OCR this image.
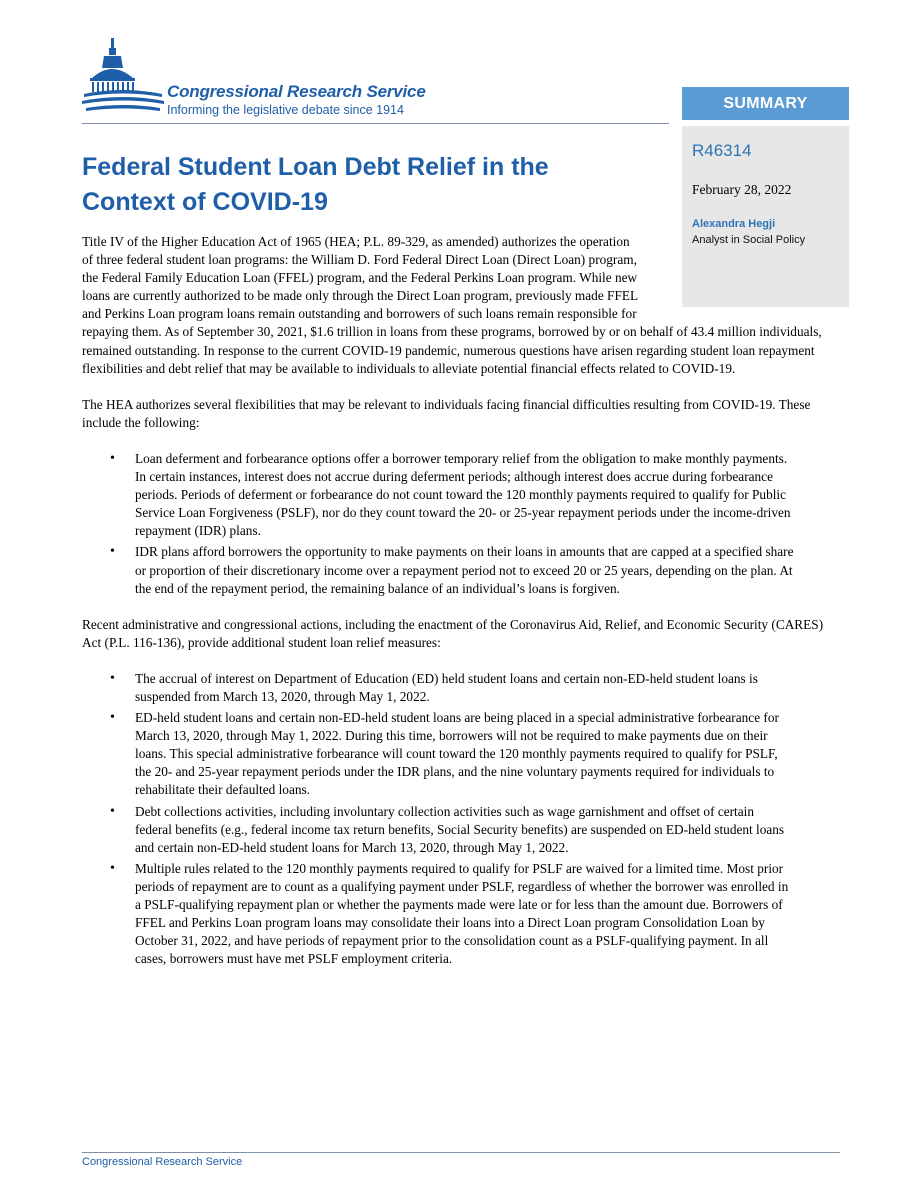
Congressional Research Service
Informing the legislative debate since 1914	SUMMARY
R46314
February 28, 2022
Alexandra Hegji
Analyst in Social Policy
Federal Student Loan Debt Relief in the Context of COVID-19

Title IV of the Higher Education Act of 1965 (HEA; P.L. 89-329, as amended) authorizes the operation of three federal student loan programs: the William D. Ford Federal Direct Loan (Direct Loan) program, the Federal Family Education Loan (FFEL) program, and the Federal Perkins Loan program. While new loans are currently authorized to be made only through the Direct Loan program, previously made FFEL and Perkins Loan program loans remain outstanding and borrowers of such loans remain responsible for repaying them. As of September 30, 2021, $1.6 trillion in loans from these programs, borrowed by or on behalf of 43.4 million individuals, remained outstanding. In response to the current COVID-19 pandemic, numerous questions have arisen regarding student loan repayment flexibilities and debt relief that may be available to individuals to alleviate potential financial effects related to COVID-19.

The HEA authorizes several flexibilities that may be relevant to individuals facing financial difficulties resulting from COVID-19. These include the following:

• Loan deferment and forbearance options offer a borrower temporary relief from the obligation to make monthly payments. In certain instances, interest does not accrue during deferment periods; although interest does accrue during forbearance periods. Periods of deferment or forbearance do not count toward the 120 monthly payments required to qualify for Public Service Loan Forgiveness (PSLF), nor do they count toward the 20- or 25-year repayment periods under the income-driven repayment (IDR) plans.
• IDR plans afford borrowers the opportunity to make payments on their loans in amounts that are capped at a specified share or proportion of their discretionary income over a repayment period not to exceed 20 or 25 years, depending on the plan. At the end of the repayment period, the remaining balance of an individual’s loans is forgiven.

Recent administrative and congressional actions, including the enactment of the Coronavirus Aid, Relief, and Economic Security (CARES) Act (P.L. 116-136), provide additional student loan relief measures:

• The accrual of interest on Department of Education (ED) held student loans and certain non-ED-held student loans is suspended from March 13, 2020, through May 1, 2022.
• ED-held student loans and certain non-ED-held student loans are being placed in a special administrative forbearance for March 13, 2020, through May 1, 2022. During this time, borrowers will not be required to make payments due on their loans. This special administrative forbearance will count toward the 120 monthly payments required to qualify for PSLF, the 20- and 25-year repayment periods under the IDR plans, and the nine voluntary payments required for individuals to rehabilitate their defaulted loans.
• Debt collections activities, including involuntary collection activities such as wage garnishment and offset of certain federal benefits (e.g., federal income tax return benefits, Social Security benefits) are suspended on ED-held student loans and certain non-ED-held student loans for March 13, 2020, through May 1, 2022.
• Multiple rules related to the 120 monthly payments required to qualify for PSLF are waived for a limited time. Most prior periods of repayment are to count as a qualifying payment under PSLF, regardless of whether the borrower was enrolled in a PSLF-qualifying repayment plan or whether the payments made were late or for less than the amount due. Borrowers of FFEL and Perkins Loan program loans may consolidate their loans into a Direct Loan program Consolidation Loan by October 31, 2022, and have periods of repayment prior to the consolidation count as a PSLF-qualifying payment. In all cases, borrowers must have met PSLF employment criteria.
Congressional Research Service
